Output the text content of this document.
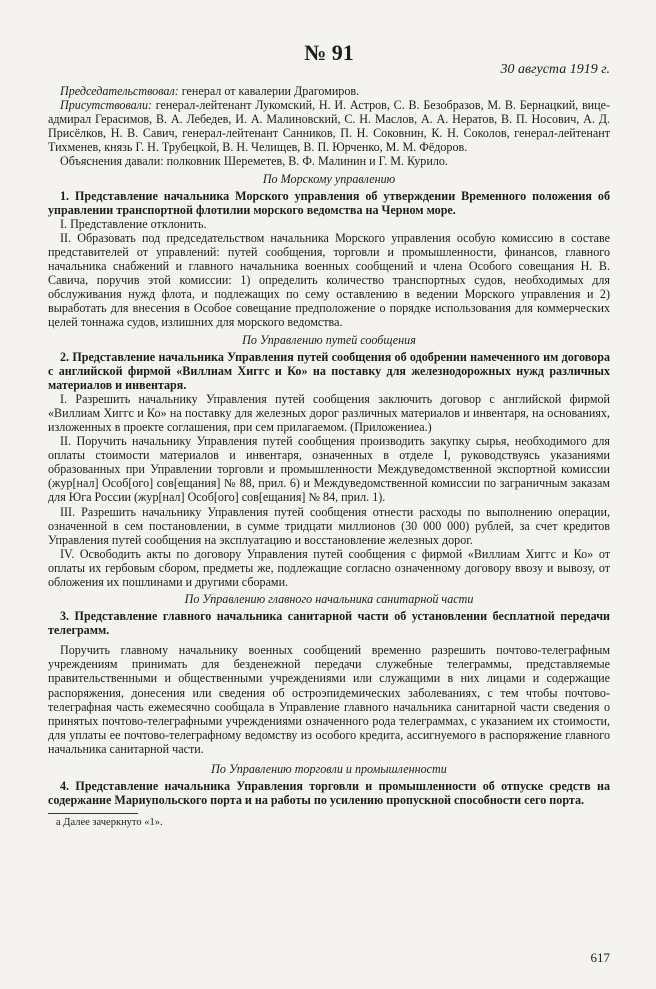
№ 91
30 августа 1919 г.

Председательствовал: генерал от кавалерии Драгомиров.

Присутствовали: генерал-лейтенант Лукомский, Н. И. Астров, С. В. Безобразов, М. В. Бернацкий, вице-адмирал Герасимов, В. А. Лебедев, И. А. Малиновский, С. Н. Маслов, А. А. Нератов, В. П. Носович, А. Д. Присёлков, Н. В. Савич, генерал-лейтенант Санников, П. Н. Соковнин, К. Н. Соколов, генерал-лейтенант Тихменев, князь Г. Н. Трубецкой, В. Н. Челищев, В. П. Юрченко, М. М. Фёдоров.

Объяснения давали: полковник Шереметев, В. Ф. Малинин и Г. М. Курило.

По Морскому управлению

1. Представление начальника Морского управления об утверждении Временного положения об управлении транспортной флотилии морского ведомства на Черном море.

I. Представление отклонить.

II. Образовать под председательством начальника Морского управления особую комиссию в составе представителей от управлений: путей сообщения, торговли и промышленности, финансов, главного начальника снабжений и главного начальника военных сообщений и члена Особого совещания Н. В. Савича, поручив этой комиссии: 1) определить количество транспортных судов, необходимых для обслуживания нужд флота, и подлежащих по сему оставлению в ведении Морского управления и 2) выработать для внесения в Особое совещание предположение о порядке использования для коммерческих целей тоннажа судов, излишних для морского ведомства.

По Управлению путей сообщения

2. Представление начальника Управления путей сообщения об одобрении намеченного им договора с английской фирмой «Виллиам Хиггс и Ко» на поставку для железнодорожных нужд различных материалов и инвентаря.

I. Разрешить начальнику Управления путей сообщения заключить договор с английской фирмой «Виллиам Хиггс и Ко» на поставку для железных дорог различных материалов и инвентаря, на основаниях, изложенных в проекте соглашения, при сем прилагаемом. (Приложениеа.)

II. Поручить начальнику Управления путей сообщения производить закупку сырья, необходимого для оплаты стоимости материалов и инвентаря, означенных в отделе I, руководствуясь указаниями образованных при Управлении торговли и промышленности Междуведомственной экспортной комиссии (жур[нал] Особ[ого] сов[ещания] № 88, прил. 6) и Междуведомственной комиссии по заграничным заказам для Юга России (жур[нал] Особ[ого] сов[ещания] № 84, прил. 1).

III. Разрешить начальнику Управления путей сообщения отнести расходы по выполнению операции, означенной в сем постановлении, в сумме тридцати миллионов (30 000 000) рублей, за счет кредитов Управления путей сообщения на эксплуатацию и восстановление железных дорог.

IV. Освободить акты по договору Управления путей сообщения с фирмой «Виллиам Хиггс и Ко» от оплаты их гербовым сбором, предметы же, подлежащие согласно означенному договору ввозу и вывозу, от обложения их пошлинами и другими сборами.

По Управлению главного начальника санитарной части

3. Представление главного начальника санитарной части об установлении бесплатной передачи телеграмм.

Поручить главному начальнику военных сообщений временно разрешить почтово-телеграфным учреждениям принимать для безденежной передачи служебные телеграммы, представляемые правительственными и общественными учреждениями или служащими в них лицами и содержащие распоряжения, донесения или сведения об остроэпидемических заболеваниях, с тем чтобы почтово-телеграфная часть ежемесячно сообщала в Управление главного начальника санитарной части сведения о принятых почтово-телеграфными учреждениями означенного рода телеграммах, с указанием их стоимости, для уплаты ее почтово-телеграфному ведомству из особого кредита, ассигнуемого в распоряжение главного начальника санитарной части.

По Управлению торговли и промышленности

4. Представление начальника Управления торговли и промышленности об отпуске средств на содержание Мариупольского порта и на работы по усилению пропускной способности сего порта.

а Далее зачеркнуто «1».
617
